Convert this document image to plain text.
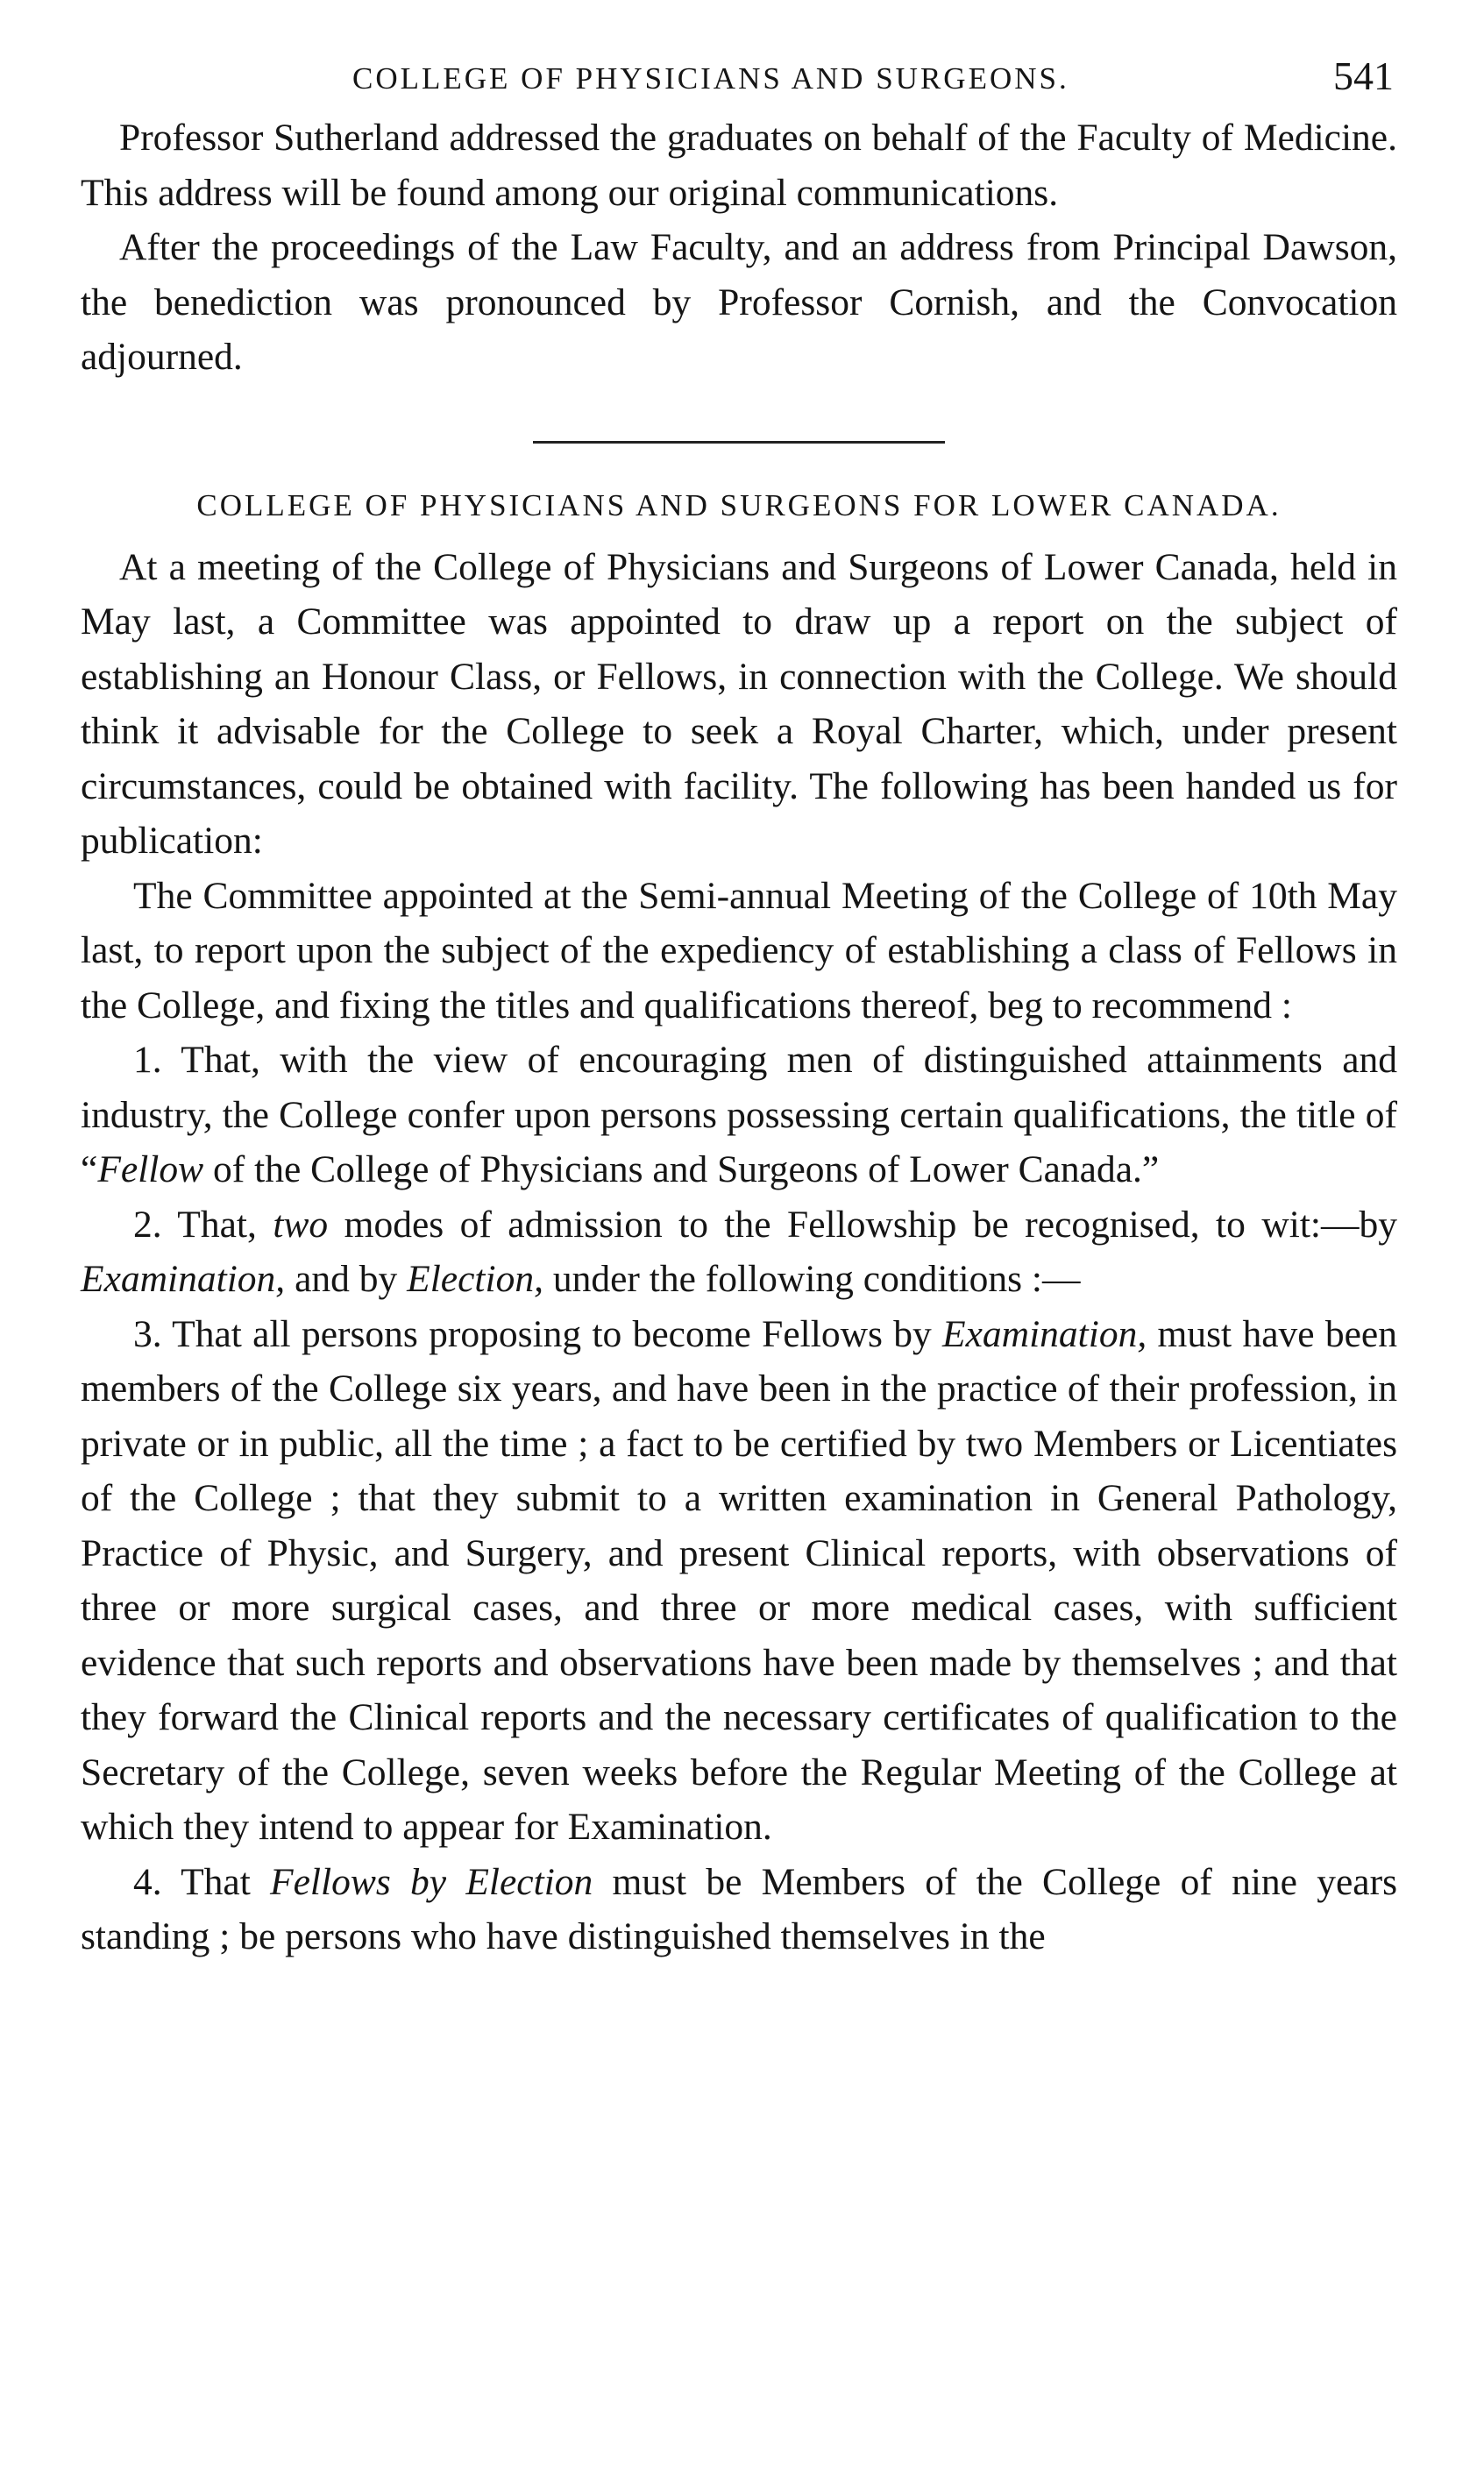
COLLEGE OF PHYSICIANS AND SURGEONS.	541

Professor Sutherland addressed the graduates on behalf of the Faculty of Medicine. This address will be found among our original communications.

After the proceedings of the Law Faculty, and an address from Principal Dawson, the benediction was pronounced by Professor Cornish, and the Convocation adjourned.

COLLEGE OF PHYSICIANS AND SURGEONS FOR LOWER CANADA.

At a meeting of the College of Physicians and Surgeons of Lower Canada, held in May last, a Committee was appointed to draw up a report on the subject of establishing an Honour Class, or Fellows, in connection with the College. We should think it advisable for the College to seek a Royal Charter, which, under present circumstances, could be obtained with facility. The following has been handed us for publication:

The Committee appointed at the Semi-annual Meeting of the College of 10th May last, to report upon the subject of the expediency of establishing a class of Fellows in the College, and fixing the titles and qualifications thereof, beg to recommend :

1. That, with the view of encouraging men of distinguished attainments and industry, the College confer upon persons possessing certain qualifications, the title of “Fellow of the College of Physicians and Surgeons of Lower Canada.”

2. That, two modes of admission to the Fellowship be recognised, to wit:—by Examination, and by Election, under the following conditions :—

3. That all persons proposing to become Fellows by Examination, must have been members of the College six years, and have been in the practice of their profession, in private or in public, all the time ; a fact to be certified by two Members or Licentiates of the College ; that they submit to a written examination in General Pathology, Practice of Physic, and Surgery, and present Clinical reports, with observations of three or more surgical cases, and three or more medical cases, with sufficient evidence that such reports and observations have been made by themselves ; and that they forward the Clinical reports and the necessary certificates of qualification to the Secretary of the College, seven weeks before the Regular Meeting of the College at which they intend to appear for Examination.

4. That Fellows by Election must be Members of the College of nine years standing ; be persons who have distinguished themselves in the
